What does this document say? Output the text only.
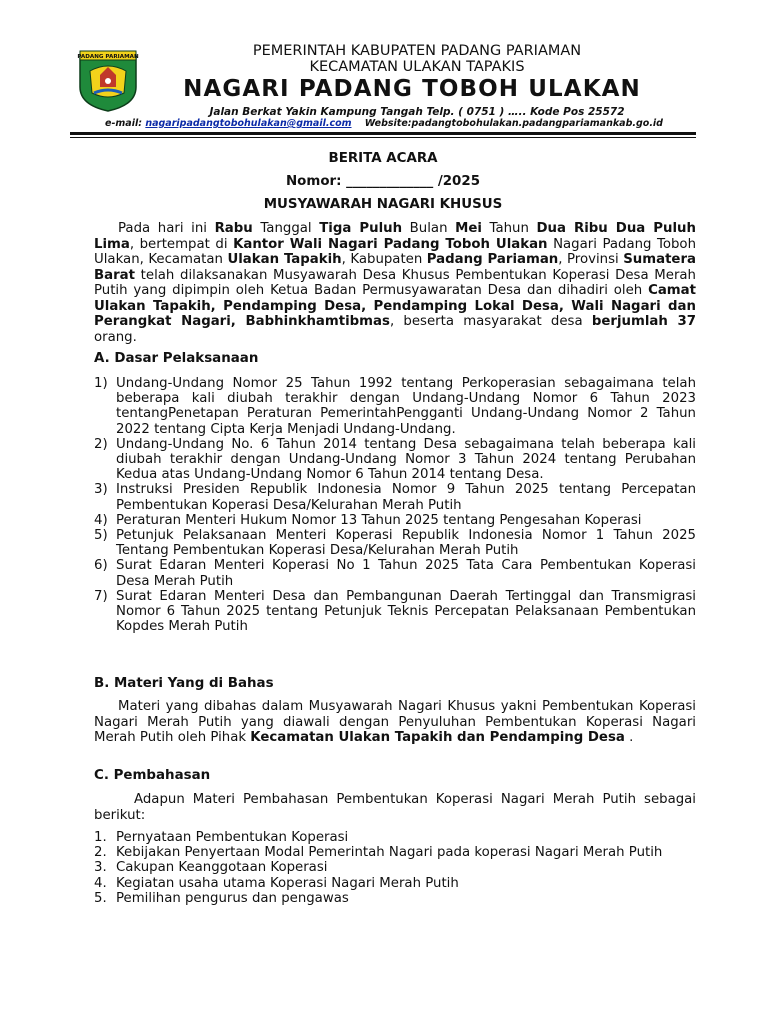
PADANG PARIAMAN	PEMERINTAH KABUPATEN PADANG PARIAMAN
KECAMATAN ULAKAN TAPAKIS
NAGARI PADANG TOBOH ULAKAN
Jalan Berkat Yakin Kampung Tangah Telp. ( 0751 ) ….. Kode Pos 25572
e-mail: nagaripadangtobohulakan@gmail.com Website:padangtobohulakan.padangpariamankab.go.id
BERITA ACARA
Nomor: _____________ /2025
MUSYAWARAH NAGARI KHUSUS
Pada hari ini Rabu Tanggal Tiga Puluh Bulan Mei Tahun Dua Ribu Dua Puluh Lima, bertempat di Kantor Wali Nagari Padang Toboh Ulakan Nagari Padang Toboh Ulakan, Kecamatan Ulakan Tapakih, Kabupaten Padang Pariaman, Provinsi Sumatera Barat telah dilaksanakan Musyawarah Desa Khusus Pembentukan Koperasi Desa Merah Putih yang dipimpin oleh Ketua Badan Permusyawaratan Desa dan dihadiri oleh Camat Ulakan Tapakih, Pendamping Desa, Pendamping Lokal Desa, Wali Nagari dan Perangkat Nagari, Babhinkhamtibmas, beserta masyarakat desa berjumlah 37 orang.
A. Dasar Pelaksanaan
1) Undang-Undang Nomor 25 Tahun 1992 tentang Perkoperasian sebagaimana telah beberapa kali diubah terakhir dengan Undang-Undang Nomor 6 Tahun 2023 tentangPenetapan Peraturan PemerintahPengganti Undang-Undang Nomor 2 Tahun 2022 tentang Cipta Kerja Menjadi Undang-Undang.
2) Undang-Undang No. 6 Tahun 2014 tentang Desa sebagaimana telah beberapa kali diubah terakhir dengan Undang-Undang Nomor 3 Tahun 2024 tentang Perubahan Kedua atas Undang-Undang Nomor 6 Tahun 2014 tentang Desa.
3) Instruksi Presiden Republik Indonesia Nomor 9 Tahun 2025 tentang Percepatan Pembentukan Koperasi Desa/Kelurahan Merah Putih
4) Peraturan Menteri Hukum Nomor 13 Tahun 2025 tentang Pengesahan Koperasi
5) Petunjuk Pelaksanaan Menteri Koperasi Republik Indonesia Nomor 1 Tahun 2025 Tentang Pembentukan Koperasi Desa/Kelurahan Merah Putih
6) Surat Edaran Menteri Koperasi No 1 Tahun 2025 Tata Cara Pembentukan Koperasi Desa Merah Putih
7) Surat Edaran Menteri Desa dan Pembangunan Daerah Tertinggal dan Transmigrasi Nomor 6 Tahun 2025 tentang Petunjuk Teknis Percepatan Pelaksanaan Pembentukan Kopdes Merah Putih
B. Materi Yang di Bahas
Materi yang dibahas dalam Musyawarah Nagari Khusus yakni Pembentukan Koperasi Nagari Merah Putih yang diawali dengan Penyuluhan Pembentukan Koperasi Nagari Merah Putih oleh Pihak Kecamatan Ulakan Tapakih dan Pendamping Desa .
C. Pembahasan
Adapun Materi Pembahasan Pembentukan Koperasi Nagari Merah Putih sebagai berikut:
1. Pernyataan Pembentukan Koperasi
2. Kebijakan Penyertaan Modal Pemerintah Nagari pada koperasi Nagari Merah Putih
3. Cakupan Keanggotaan Koperasi
4. Kegiatan usaha utama Koperasi Nagari Merah Putih
5. Pemilihan pengurus dan pengawas
